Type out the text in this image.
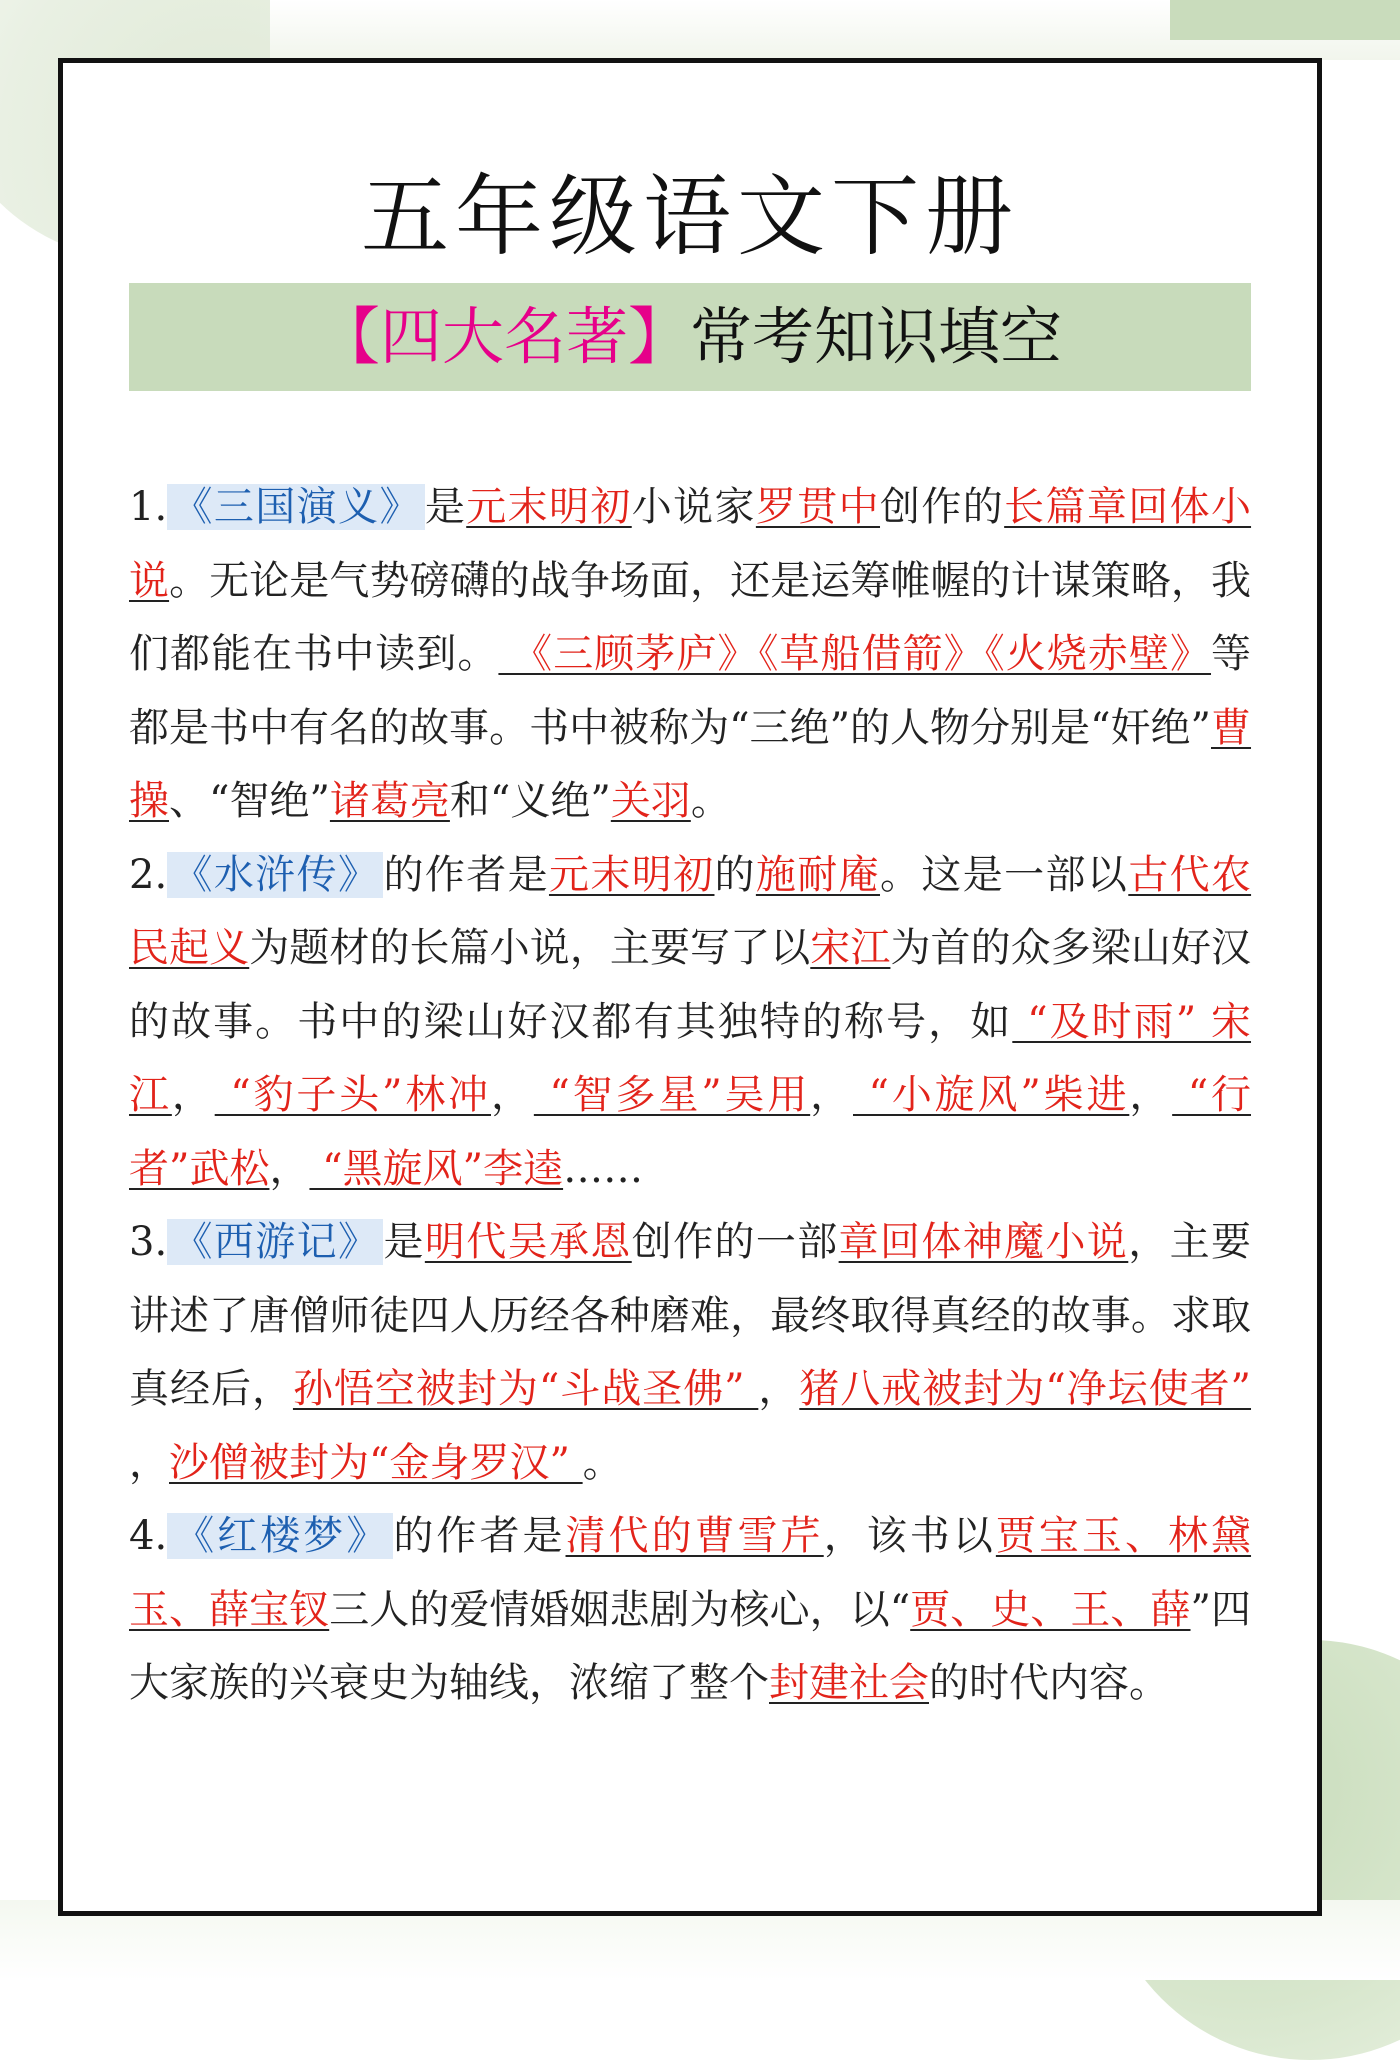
五年级语文下册
【四大名著】常考知识填空

1. 《三国演义》 是元末明初小说家罗贯中创作的长篇章回体小说。无论是气势磅礴的战争场面，还是运筹帷幄的计谋策略，我们都能在书中读到。 《三顾茅庐》《草船借箭》《火烧赤壁》等都是书中有名的故事。书中被称为“三绝”的人物分别是“奸绝”曹操、“智绝”诸葛亮和“义绝”关羽。

2. 《水浒传》 的作者是元末明初的施耐庵。这是一部以古代农民起义为题材的长篇小说，主要写了以宋江为首的众多梁山好汉的故事。书中的梁山好汉都有其独特的称号，如 “及时雨” 宋江， “豹子头”林冲， “智多星”吴用， “小旋风”柴进， “行者”武松， “黑旋风”李逵……

3. 《西游记》 是明代吴承恩创作的一部章回体神魔小说，主要讲述了唐僧师徒四人历经各种磨难，最终取得真经的故事。求取真经后，孙悟空被封为“斗战圣佛” ，猪八戒被封为“净坛使者” ，沙僧被封为“金身罗汉” 。

4. 《红楼梦》 的作者是清代的曹雪芹，该书以贾宝玉、林黛玉、薛宝钗三人的爱情婚姻悲剧为核心，以“贾、史、王、薛”四大家族的兴衰史为轴线，浓缩了整个封建社会的时代内容。
